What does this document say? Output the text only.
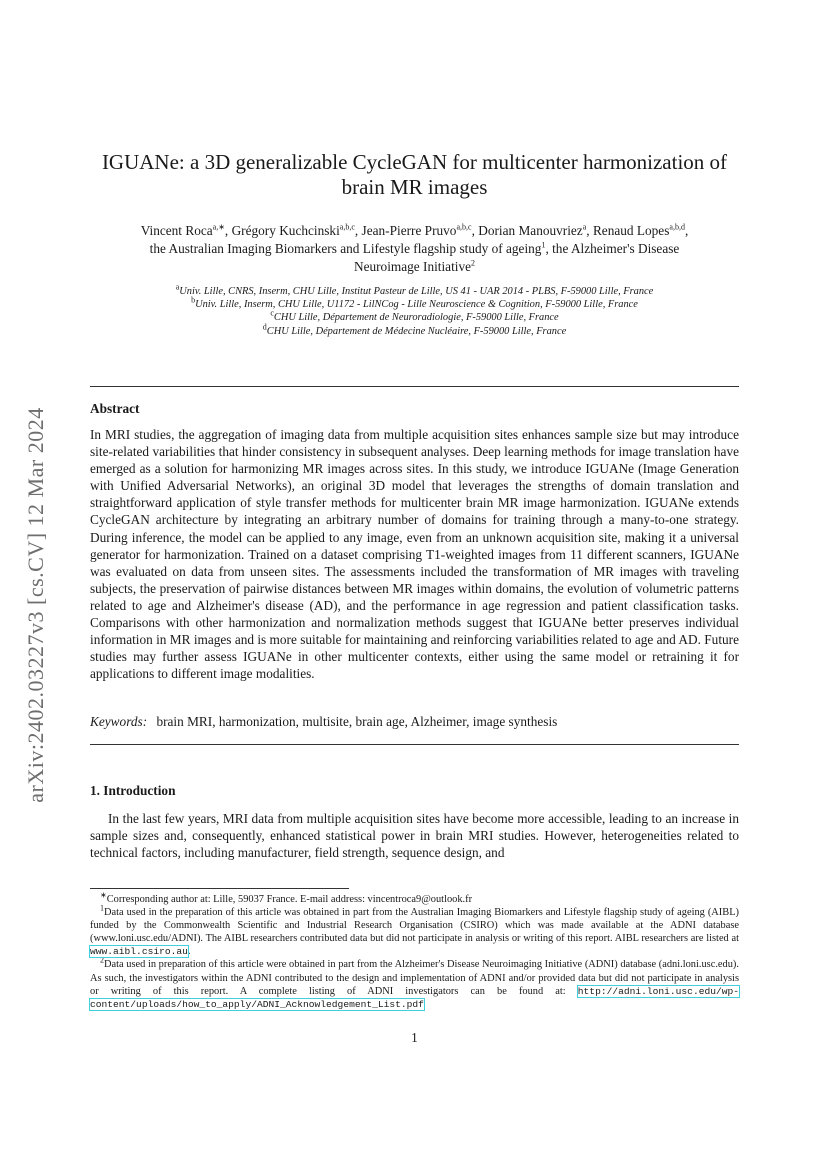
arXiv:2402.03227v3 [cs.CV] 12 Mar 2024
IGUANe: a 3D generalizable CycleGAN for multicenter harmonization of
brain MR images
Vincent Roca$^{a,∗}$, Grégory Kuchcinski$^{a,b,c}$, Jean-Pierre Pruvo$^{a,b,c}$, Dorian Manouvriez$^a$, Renaud Lopes$^{a,b,d}$,
the Australian Imaging Biomarkers and Lifestyle flagship study of ageing$^1$, the Alzheimer's Disease
Neuroimage Initiative$^2$
$^a$Univ. Lille, CNRS, Inserm, CHU Lille, Institut Pasteur de Lille, US 41 - UAR 2014 - PLBS, F-59000 Lille, France
$^b$Univ. Lille, Inserm, CHU Lille, U1172 - LilNCog - Lille Neuroscience & Cognition, F-59000 Lille, France
$^c$CHU Lille, Département de Neuroradiologie, F-59000 Lille, France
$^d$CHU Lille, Département de Médecine Nucléaire, F-59000 Lille, France
Abstract

In MRI studies, the aggregation of imaging data from multiple acquisition sites enhances sample size but may introduce site-related variabilities that hinder consistency in subsequent analyses. Deep learning methods for image translation have emerged as a solution for harmonizing MR images across sites. In this study, we introduce IGUANe (Image Generation with Unified Adversarial Networks), an original 3D model that leverages the strengths of domain translation and straightforward application of style transfer methods for multicenter brain MR image harmonization. IGUANe extends CycleGAN architecture by integrating an arbitrary number of domains for training through a many-to-one strategy. During inference, the model can be applied to any image, even from an unknown acquisition site, making it a universal generator for harmonization. Trained on a dataset comprising T1-weighted images from 11 different scanners, IGUANe was evaluated on data from unseen sites. The assessments included the transformation of MR images with traveling subjects, the preservation of pairwise distances between MR images within domains, the evolution of volumetric patterns related to age and Alzheimer's disease (AD), and the performance in age regression and patient classification tasks. Comparisons with other harmonization and normalization methods suggest that IGUANe better preserves individual information in MR images and is more suitable for maintaining and reinforcing variabilities related to age and AD. Future studies may further assess IGUANe in other multicenter contexts, either using the same model or retraining it for applications to different image modalities.

Keywords: brain MRI, harmonization, multisite, brain age, Alzheimer, image synthesis

1. Introduction

In the last few years, MRI data from multiple acquisition sites have become more accessible, leading to an increase in sample sizes and, consequently, enhanced statistical power in brain MRI studies. However, heterogeneities related to technical factors, including manufacturer, field strength, sequence design, and

∗Corresponding author at: Lille, 59037 France. E-mail address: vincentroca9@outlook.fr

$^1$Data used in the preparation of this article was obtained in part from the Australian Imaging Biomarkers and Lifestyle flagship study of ageing (AIBL) funded by the Commonwealth Scientific and Industrial Research Organisation (CSIRO) which was made available at the ADNI database (www.loni.usc.edu/ADNI). The AIBL researchers contributed data but did not participate in analysis or writing of this report. AIBL researchers are listed at www.aibl.csiro.au.

$^2$Data used in preparation of this article were obtained in part from the Alzheimer's Disease Neuroimaging Initiative (ADNI) database (adni.loni.usc.edu). As such, the investigators within the ADNI contributed to the design and implementation of ADNI and/or provided data but did not participate in analysis or writing of this report. A complete listing of ADNI investigators can be found at: http://adni.loni.usc.edu/wp-content/uploads/how_to_apply/ADNI_Acknowledgement_List.pdf

1
